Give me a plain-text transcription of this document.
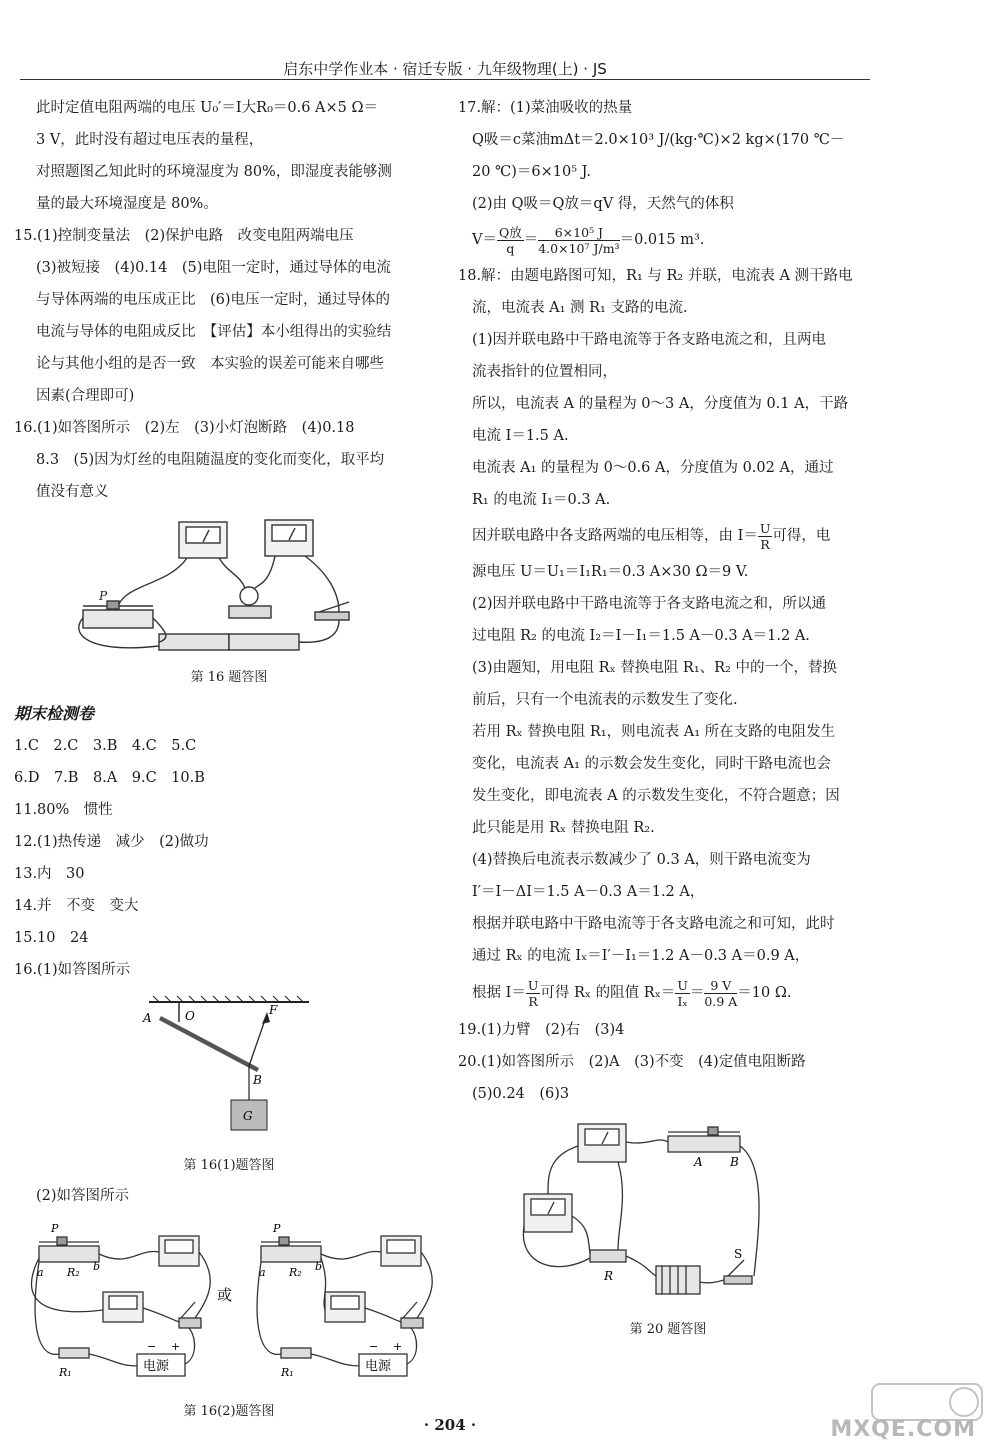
启东中学作业本 · 宿迁专版 · 九年级物理(上) · JS
此时定值电阻两端的电压 U₀′＝I大R₀＝0.6 A×5 Ω＝
3 V，此时没有超过电压表的量程，
对照题图乙知此时的环境湿度为 80%，即湿度表能够测
量的最大环境湿度是 80%。
15.(1)控制变量法　(2)保护电路　改变电阻两端电压
(3)被短接　(4)0.14　(5)电阻一定时，通过导体的电流
与导体两端的电压成正比　(6)电压一定时，通过导体的
电流与导体的电阻成反比　【评估】本小组得出的实验结
论与其他小组的是否一致　本实验的误差可能来自哪些
因素(合理即可)
16.(1)如答图所示　(2)左　(3)小灯泡断路　(4)0.18
8.3　(5)因为灯丝的电阻随温度的变化而变化，取平均
值没有意义
P
第 16 题答图
期末检测卷
1.C　2.C　3.B　4.C　5.C
6.D　7.B　8.A　9.C　10.B
11.80%　惯性
12.(1)热传递　减少　(2)做功
13.内　30
14.并　不变　变大
15.10　24
16.(1)如答图所示
A	O	F
B
G
第 16(1)题答图
(2)如答图所示
P
R₂
a	b
R₁	电源
− +
或
P
R₂
a	b
R₁	电源
− +
第 16(2)题答图
17.解：(1)菜油吸收的热量
Q吸＝c菜油mΔt＝2.0×10³ J/(kg·℃)×2 kg×(170 ℃－
20 ℃)＝6×10⁵ J.
(2)由 Q吸＝Q放＝qV 得，天然气的体积
$V= \frac{\text{Q放}}{q} = \frac{\text{6×10⁵ J}}{\text{4.0×10⁷ J/m³}} =0.015$ m³.
18.解：由题电路图可知，R₁ 与 R₂ 并联，电流表 A 测干路电
流，电流表 A₁ 测 R₁ 支路的电流.
(1)因并联电路中干路电流等于各支路电流之和，且两电
流表指针的位置相同，
所以，电流表 A 的量程为 0～3 A，分度值为 0.1 A，干路
电流 I＝1.5 A.
电流表 A₁ 的量程为 0～0.6 A，分度值为 0.02 A，通过
R₁ 的电流 I₁＝0.3 A.
因并联电路中各支路两端的电压相等，由 $I= \frac{U}{R}$ 可得，电
源电压 U＝U₁＝I₁R₁＝0.3 A×30 Ω＝9 V.
(2)因并联电路中干路电流等于各支路电流之和，所以通
过电阻 R₂ 的电流 I₂＝I－I₁＝1.5 A－0.3 A＝1.2 A.
(3)由题知，用电阻 Rₓ 替换电阻 R₁、R₂ 中的一个，替换
前后，只有一个电流表的示数发生了变化.
若用 Rₓ 替换电阻 R₁，则电流表 A₁ 所在支路的电阻发生
变化，电流表 A₁ 的示数会发生变化，同时干路电流也会
发生变化，即电流表 A 的示数发生变化，不符合题意；因
此只能是用 Rₓ 替换电阻 R₂.
(4)替换后电流表示数减少了 0.3 A，则干路电流变为
I′＝I－ΔI＝1.5 A－0.3 A＝1.2 A，
根据并联电路中干路电流等于各支路电流之和可知，此时
通过 Rₓ 的电流 Iₓ＝I′－I₁＝1.2 A－0.3 A＝0.9 A，
根据 $I= \frac{U}{R}$ 可得 Rₓ 的阻值 $R_x= \frac{U}{\text{Iₓ}} = \frac{9 V}{0.9 A} =10$ Ω.
19.(1)力臂　(2)右　(3)4
20.(1)如答图所示　(2)A　(3)不变　(4)定值电阻断路
(5)0.24　(6)3
A B
R
S
第 20 题答图
· 204 ·	MXQE.COM
